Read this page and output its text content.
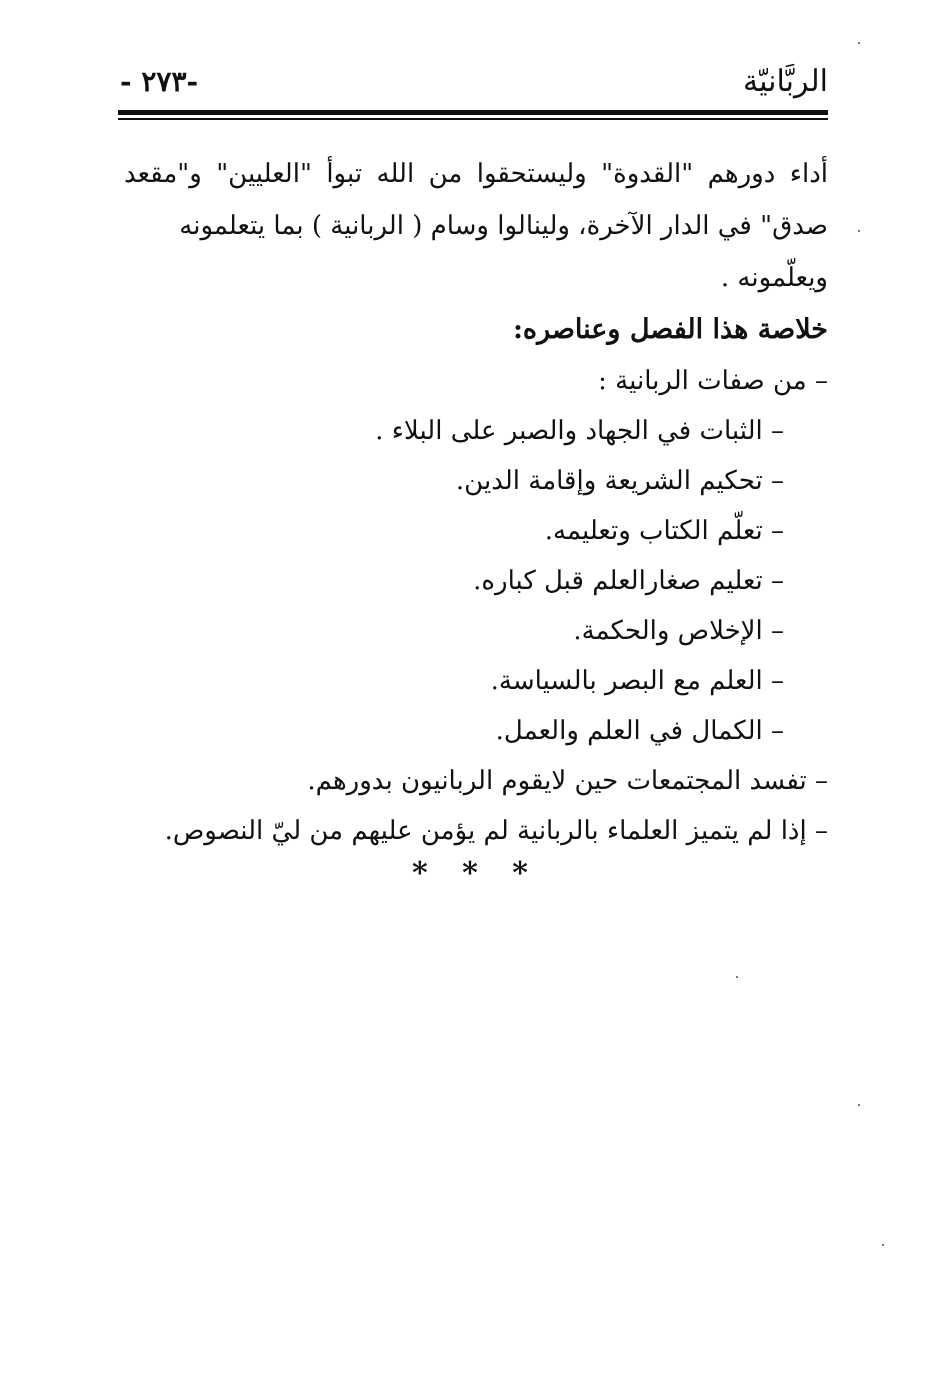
الربَّانيّة
-٢٧٣ -

أداء دورهم "القدوة" وليستحقوا من الله تبوأ "العليين" و"مقعد صدق" في الدار الآخرة، ولينالوا وسام ( الربانية ) بما يتعلمونه
ويعلّمونه .

خلاصة هذا الفصل وعناصره:
– من صفات الربانية :
– الثبات في الجهاد والصبر على البلاء .
– تحكيم الشريعة وإقامة الدين.
– تعلّم الكتاب وتعليمه.
– تعليم صغارالعلم قبل كباره.
– الإخلاص والحكمة.
– العلم مع البصر بالسياسة.
– الكمال في العلم والعمل.
– تفسد المجتمعات حين لايقوم الربانيون بدورهم.
– إذا لم يتميز العلماء بالربانية لم يؤمن عليهم من ليّ النصوص.
* * *
